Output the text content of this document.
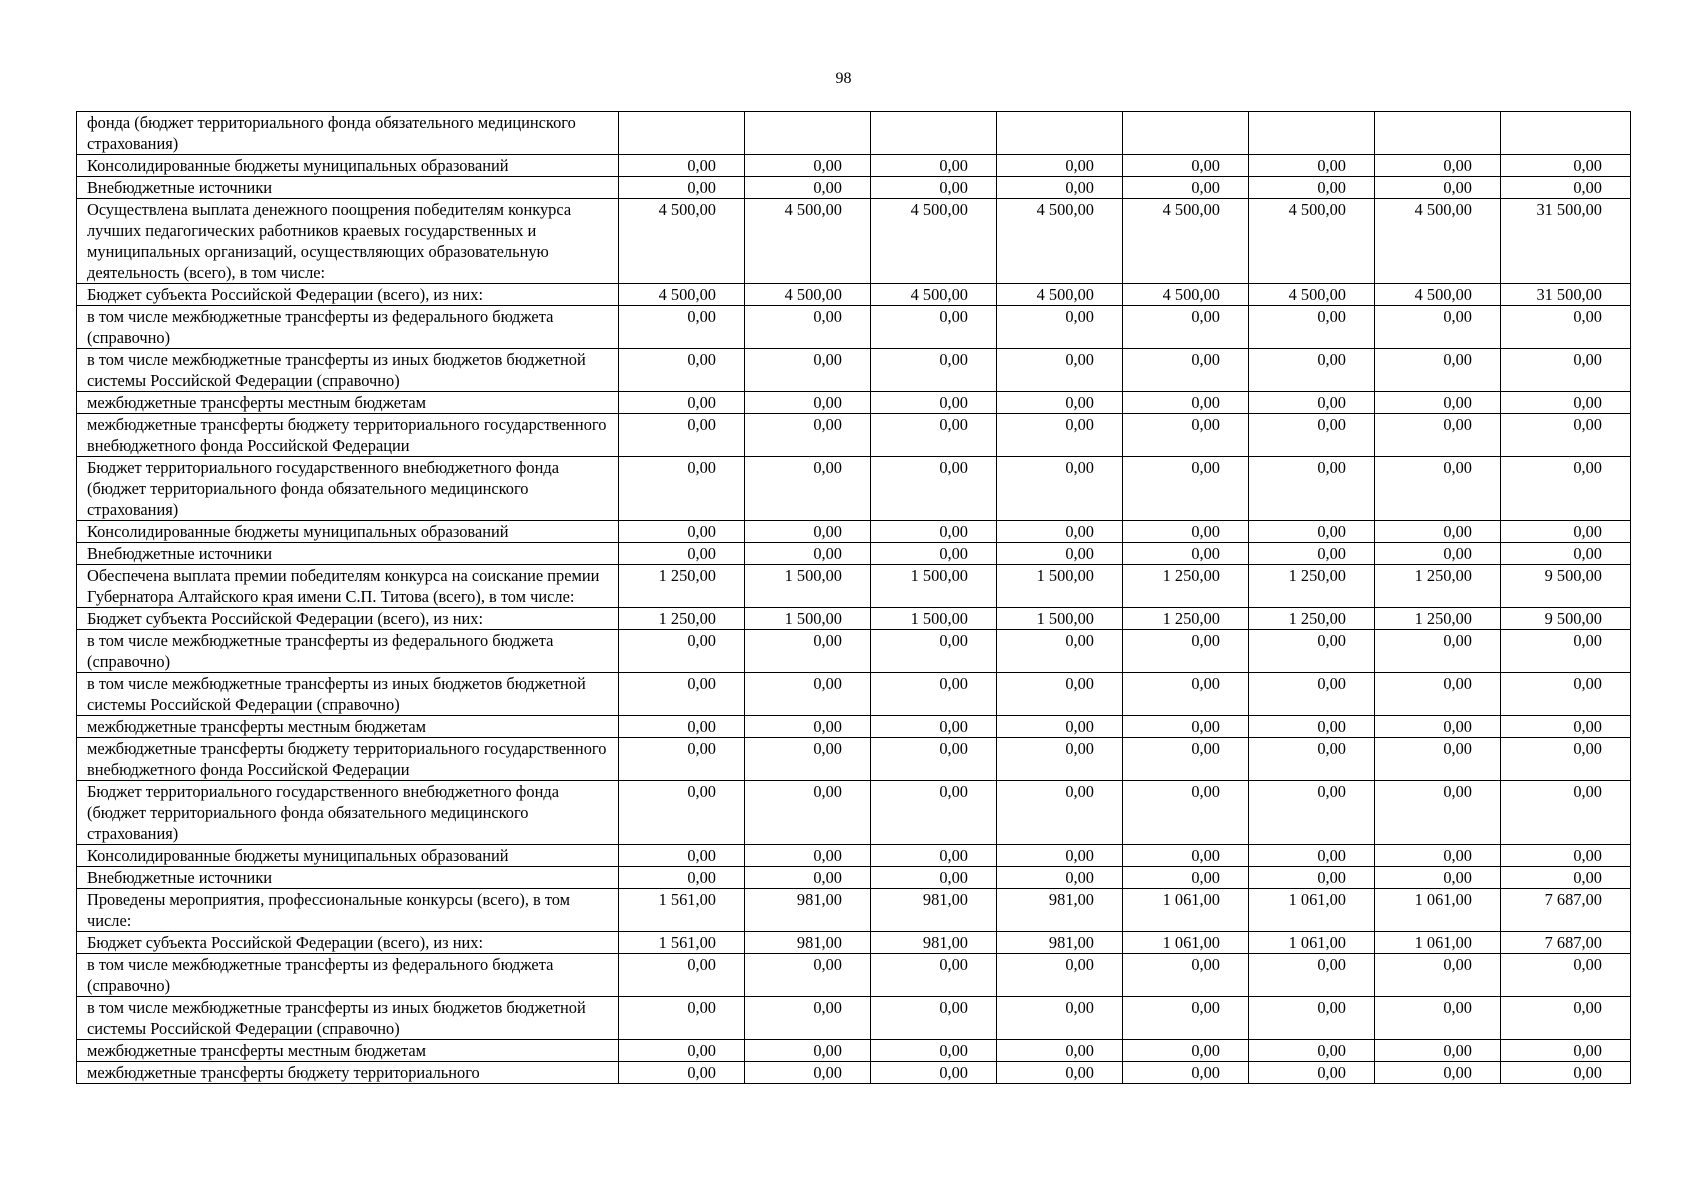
98
фонда (бюджет территориального фонда обязательного медицинского страхования)								
Консолидированные бюджеты муниципальных образований	0,00	0,00	0,00	0,00	0,00	0,00	0,00	0,00
Внебюджетные источники	0,00	0,00	0,00	0,00	0,00	0,00	0,00	0,00
Осуществлена выплата денежного поощрения победителям конкурса лучших педагогических работников краевых государственных и муниципальных организаций, осуществляющих образовательную деятельность (всего), в том числе:	4 500,00	4 500,00	4 500,00	4 500,00	4 500,00	4 500,00	4 500,00	31 500,00
Бюджет субъекта Российской Федерации (всего), из них:	4 500,00	4 500,00	4 500,00	4 500,00	4 500,00	4 500,00	4 500,00	31 500,00
в том числе межбюджетные трансферты из федерального бюджета (справочно)	0,00	0,00	0,00	0,00	0,00	0,00	0,00	0,00
в том числе межбюджетные трансферты из иных бюджетов бюджетной системы Российской Федерации (справочно)	0,00	0,00	0,00	0,00	0,00	0,00	0,00	0,00
межбюджетные трансферты местным бюджетам	0,00	0,00	0,00	0,00	0,00	0,00	0,00	0,00
межбюджетные трансферты бюджету территориального государственного внебюджетного фонда Российской Федерации	0,00	0,00	0,00	0,00	0,00	0,00	0,00	0,00
Бюджет территориального государственного внебюджетного фонда (бюджет территориального фонда обязательного медицинского страхования)	0,00	0,00	0,00	0,00	0,00	0,00	0,00	0,00
Консолидированные бюджеты муниципальных образований	0,00	0,00	0,00	0,00	0,00	0,00	0,00	0,00
Внебюджетные источники	0,00	0,00	0,00	0,00	0,00	0,00	0,00	0,00
Обеспечена выплата премии победителям конкурса на соискание премии Губернатора Алтайского края имени С.П. Титова (всего), в том числе:	1 250,00	1 500,00	1 500,00	1 500,00	1 250,00	1 250,00	1 250,00	9 500,00
Бюджет субъекта Российской Федерации (всего), из них:	1 250,00	1 500,00	1 500,00	1 500,00	1 250,00	1 250,00	1 250,00	9 500,00
в том числе межбюджетные трансферты из федерального бюджета (справочно)	0,00	0,00	0,00	0,00	0,00	0,00	0,00	0,00
в том числе межбюджетные трансферты из иных бюджетов бюджетной системы Российской Федерации (справочно)	0,00	0,00	0,00	0,00	0,00	0,00	0,00	0,00
межбюджетные трансферты местным бюджетам	0,00	0,00	0,00	0,00	0,00	0,00	0,00	0,00
межбюджетные трансферты бюджету территориального государственного внебюджетного фонда Российской Федерации	0,00	0,00	0,00	0,00	0,00	0,00	0,00	0,00
Бюджет территориального государственного внебюджетного фонда (бюджет территориального фонда обязательного медицинского страхования)	0,00	0,00	0,00	0,00	0,00	0,00	0,00	0,00
Консолидированные бюджеты муниципальных образований	0,00	0,00	0,00	0,00	0,00	0,00	0,00	0,00
Внебюджетные источники	0,00	0,00	0,00	0,00	0,00	0,00	0,00	0,00
Проведены мероприятия, профессиональные конкурсы (всего), в том числе:	1 561,00	981,00	981,00	981,00	1 061,00	1 061,00	1 061,00	7 687,00
Бюджет субъекта Российской Федерации (всего), из них:	1 561,00	981,00	981,00	981,00	1 061,00	1 061,00	1 061,00	7 687,00
в том числе межбюджетные трансферты из федерального бюджета (справочно)	0,00	0,00	0,00	0,00	0,00	0,00	0,00	0,00
в том числе межбюджетные трансферты из иных бюджетов бюджетной системы Российской Федерации (справочно)	0,00	0,00	0,00	0,00	0,00	0,00	0,00	0,00
межбюджетные трансферты местным бюджетам	0,00	0,00	0,00	0,00	0,00	0,00	0,00	0,00
межбюджетные трансферты бюджету территориального	0,00	0,00	0,00	0,00	0,00	0,00	0,00	0,00
